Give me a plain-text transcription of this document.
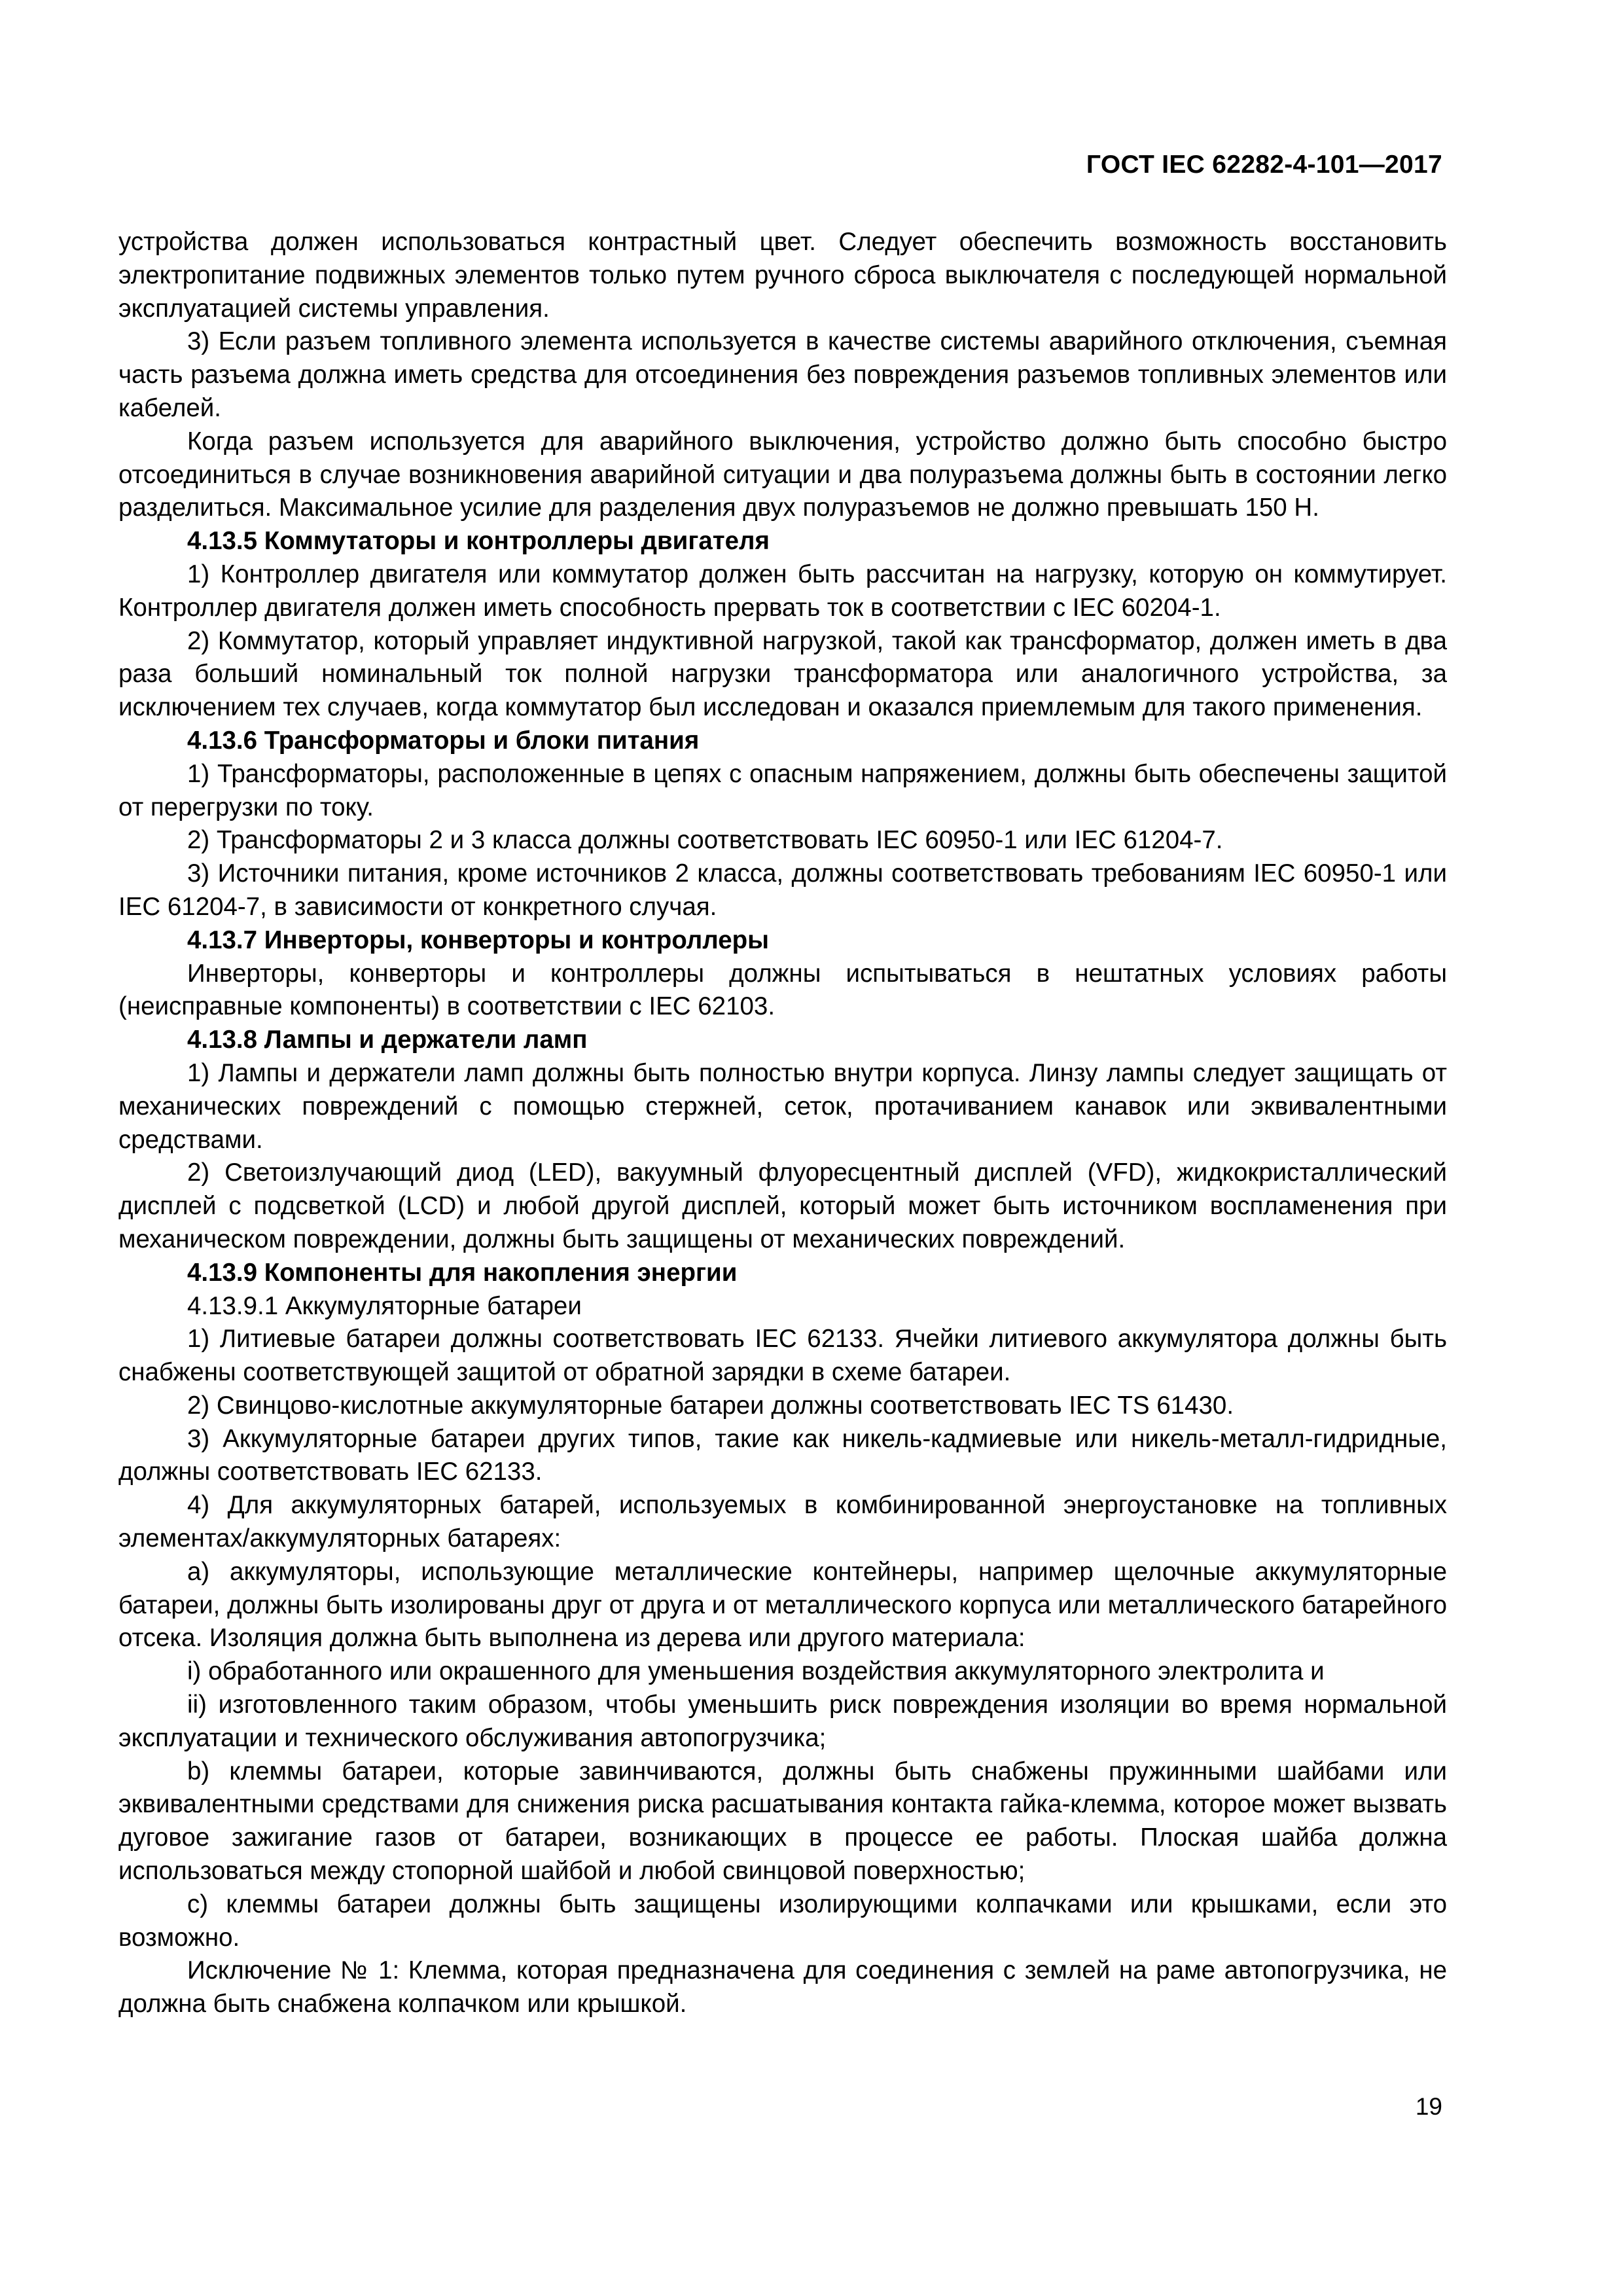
ГОСТ IEC 62282-4-101—2017

устройства должен использоваться контрастный цвет. Следует обеспечить возможность восстановить электропитание подвижных элементов только путем ручного сброса выключателя с последующей нормальной эксплуатацией системы управления.

3) Если разъем топливного элемента используется в качестве системы аварийного отключения, съемная часть разъема должна иметь средства для отсоединения без повреждения разъемов топливных элементов или кабелей.

Когда разъем используется для аварийного выключения, устройство должно быть способно быстро отсоединиться в случае возникновения аварийной ситуации и два полуразъема должны быть в состоянии легко разделиться. Максимальное усилие для разделения двух полуразъемов не должно превышать 150 Н.

4.13.5 Коммутаторы и контроллеры двигателя

1) Контроллер двигателя или коммутатор должен быть рассчитан на нагрузку, которую он коммутирует. Контроллер двигателя должен иметь способность прервать ток в соответствии с IEC 60204-1.

2) Коммутатор, который управляет индуктивной нагрузкой, такой как трансформатор, должен иметь в два раза больший номинальный ток полной нагрузки трансформатора или аналогичного устройства, за исключением тех случаев, когда коммутатор был исследован и оказался приемлемым для такого применения.

4.13.6 Трансформаторы и блоки питания

1) Трансформаторы, расположенные в цепях с опасным напряжением, должны быть обеспечены защитой от перегрузки по току.

2) Трансформаторы 2 и 3 класса должны соответствовать IEC 60950-1 или IEC 61204-7.

3) Источники питания, кроме источников 2 класса, должны соответствовать требованиям IEC 60950-1 или IEC 61204-7, в зависимости от конкретного случая.

4.13.7 Инверторы, конверторы и контроллеры

Инверторы, конверторы и контроллеры должны испытываться в нештатных условиях работы (неисправные компоненты) в соответствии с IEC 62103.

4.13.8 Лампы и держатели ламп

1) Лампы и держатели ламп должны быть полностью внутри корпуса. Линзу лампы следует защищать от механических повреждений с помощью стержней, сеток, протачиванием канавок или эквивалентными средствами.

2) Светоизлучающий диод (LED), вакуумный флуоресцентный дисплей (VFD), жидкокристаллический дисплей с подсветкой (LCD) и любой другой дисплей, который может быть источником воспламенения при механическом повреждении, должны быть защищены от механических повреждений.

4.13.9 Компоненты для накопления энергии

4.13.9.1 Аккумуляторные батареи

1) Литиевые батареи должны соответствовать IEC 62133. Ячейки литиевого аккумулятора должны быть снабжены соответствующей защитой от обратной зарядки в схеме батареи.

2) Свинцово-кислотные аккумуляторные батареи должны соответствовать IEC TS 61430.

3) Аккумуляторные батареи других типов, такие как никель-кадмиевые или никель-металл-гидридные, должны соответствовать IEC 62133.

4) Для аккумуляторных батарей, используемых в комбинированной энергоустановке на топливных элементах/аккумуляторных батареях:

a) аккумуляторы, использующие металлические контейнеры, например щелочные аккумуляторные батареи, должны быть изолированы друг от друга и от металлического корпуса или металлического батарейного отсека. Изоляция должна быть выполнена из дерева или другого материала:

i) обработанного или окрашенного для уменьшения воздействия аккумуляторного электролита и

ii) изготовленного таким образом, чтобы уменьшить риск повреждения изоляции во время нормальной эксплуатации и технического обслуживания автопогрузчика;

b) клеммы батареи, которые завинчиваются, должны быть снабжены пружинными шайбами или эквивалентными средствами для снижения риска расшатывания контакта гайка-клемма, которое может вызвать дуговое зажигание газов от батареи, возникающих в процессе ее работы. Плоская шайба должна использоваться между стопорной шайбой и любой свинцовой поверхностью;

c) клеммы батареи должны быть защищены изолирующими колпачками или крышками, если это возможно.

Исключение № 1: Клемма, которая предназначена для соединения с землей на раме автопогрузчика, не должна быть снабжена колпачком или крышкой.

19
